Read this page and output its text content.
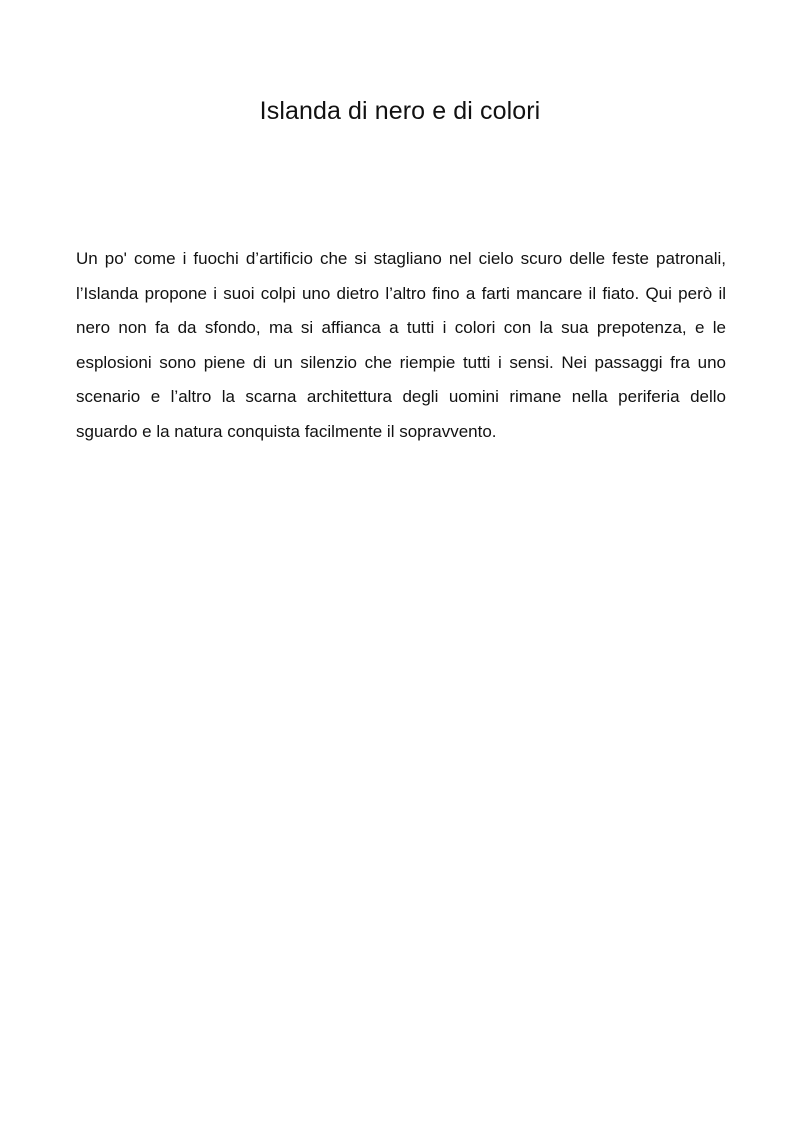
Islanda di nero e di colori

Un po' come i fuochi d’artificio che si stagliano nel cielo scuro delle feste patronali, l’Islanda propone i suoi colpi uno dietro l’altro fino a farti mancare il fiato. Qui però il nero non fa da sfondo, ma si affianca a tutti i colori con la sua prepotenza, e le esplosioni sono piene di un silenzio che riempie tutti i sensi. Nei passaggi fra uno scenario e l’altro la scarna architettura degli uomini rimane nella periferia dello sguardo e la natura conquista facilmente il sopravvento.
